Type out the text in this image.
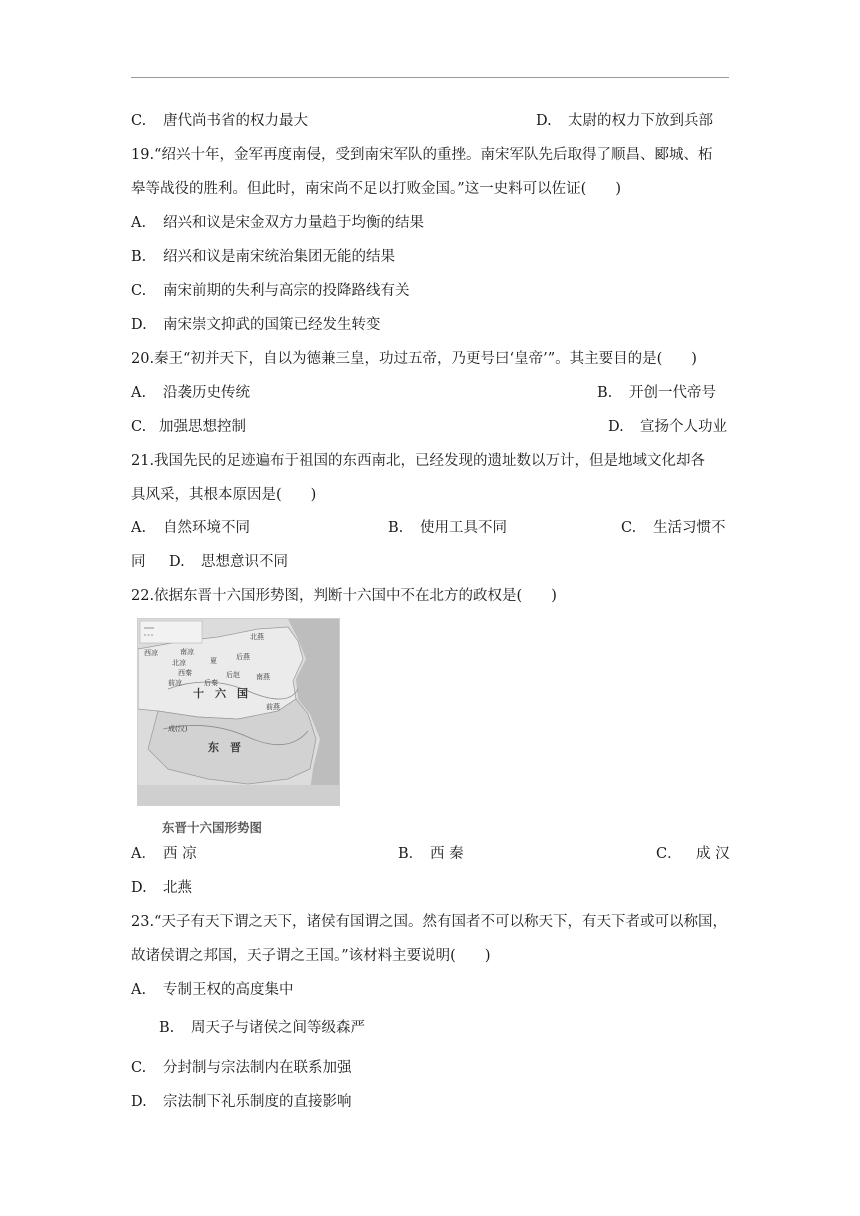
C. 唐代尚书省的权力最大	D. 太尉的权力下放到兵部
19.“绍兴十年，金军再度南侵，受到南宋军队的重挫。南宋军队先后取得了顺昌、郾城、柘
皋等战役的胜利。但此时，南宋尚不足以打败金国。”这一史料可以佐证(　　)
A. 绍兴和议是宋金双方力量趋于均衡的结果
B. 绍兴和议是南宋统治集团无能的结果
C. 南宋前期的失利与高宗的投降路线有关
D. 南宋崇文抑武的国策已经发生转变
20.秦王“初并天下，自以为德兼三皇，功过五帝，乃更号曰‘皇帝’”。其主要目的是(　　)
A. 沿袭历史传统	B. 开创一代帝号
C. 加强思想控制	D. 宣扬个人功业
21.我国先民的足迹遍布于祖国的东西南北，已经发现的遗址数以万计，但是地域文化却各
具风采，其根本原因是(　　)
A. 自然环境不同	B. 使用工具不同	C. 生活习惯不
同 D. 思想意识不同
22.依据东晋十六国形势图，判断十六国中不在北方的政权是(　　)
北燕
西凉
北凉
南凉
夏	后燕
后赵
西秦
前凉	后秦
南燕
前燕
十　六　国
成(汉)
东　晋
东晋十六国形势图
A． 西 凉	B． 西 秦	C． 成 汉
D. 北燕
23.“天子有天下谓之天下，诸侯有国谓之国。然有国者不可以称天下，有天下者或可以称国，
故诸侯谓之邦国，天子谓之王国。”该材料主要说明(　　)
A. 专制王权的高度集中
B. 周天子与诸侯之间等级森严
C. 分封制与宗法制内在联系加强
D. 宗法制下礼乐制度的直接影响
